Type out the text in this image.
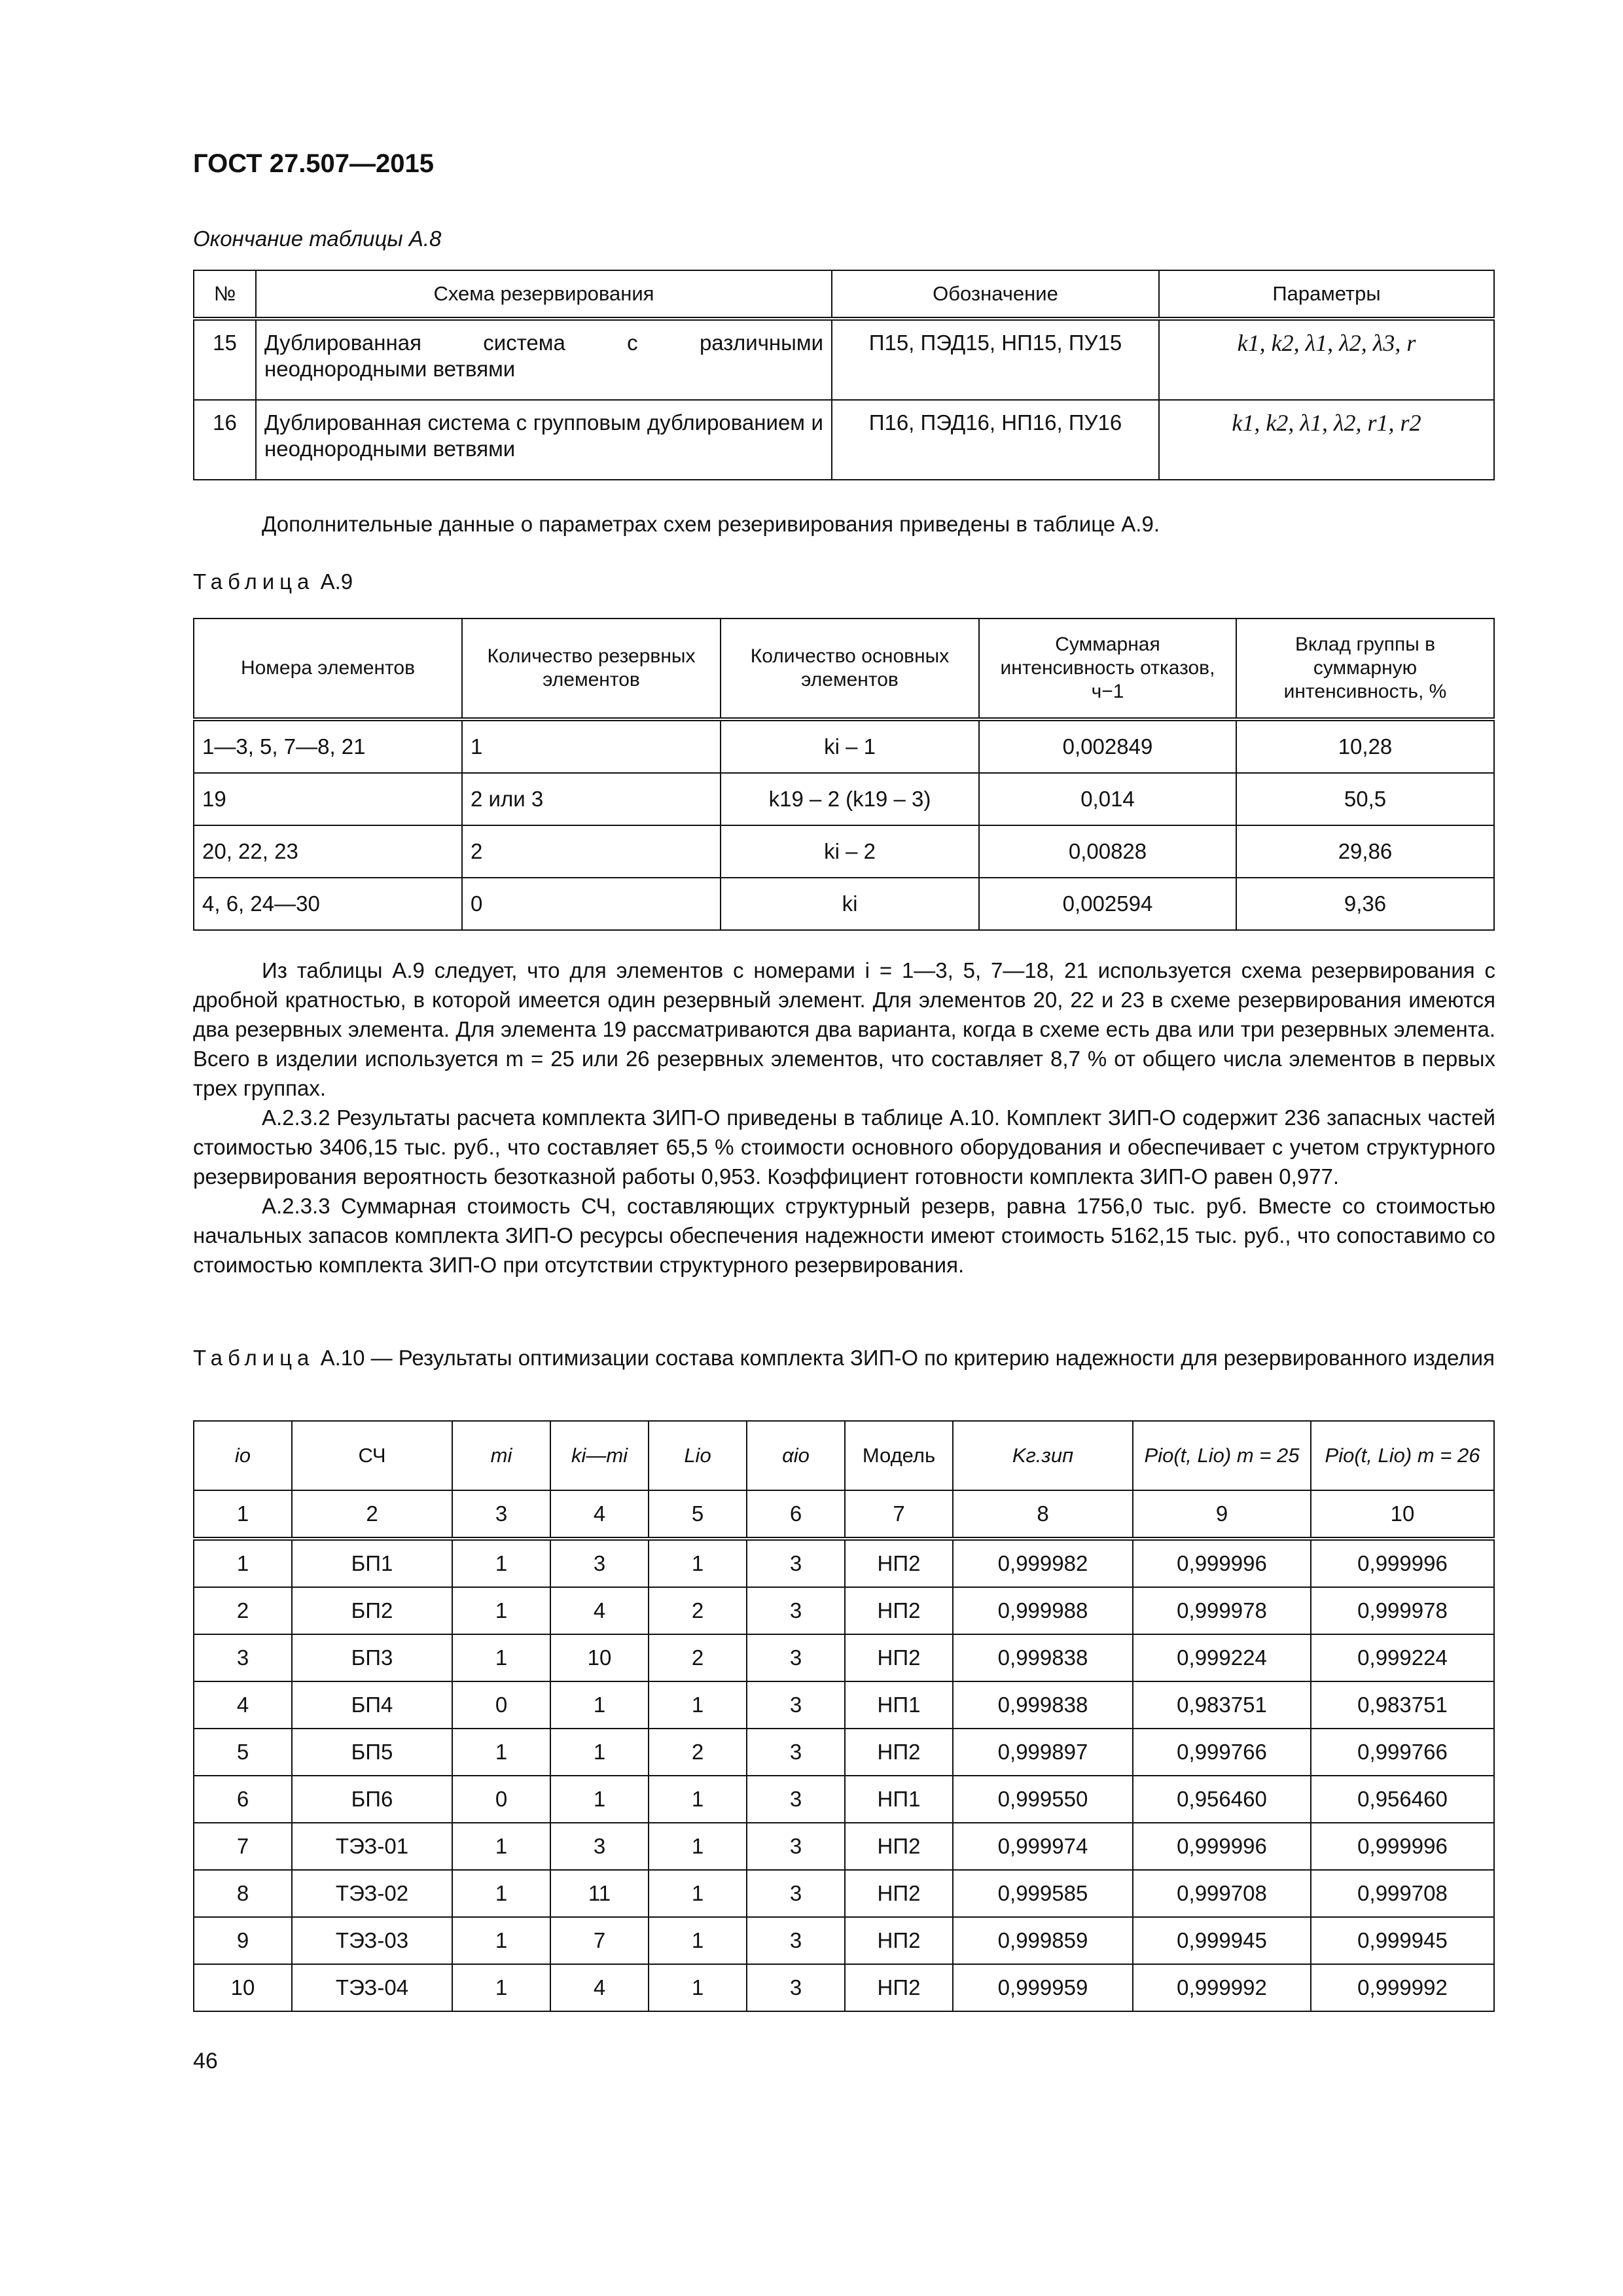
ГОСТ 27.507—2015
Окончание таблицы А.8
№	Схема резервирования	Обозначение	Параметры
15	Дублированная система с различными неоднородными ветвями	П15, ПЭД15, НП15, ПУ15	k1, k2, λ1, λ2, λ3, r
16	Дублированная система с групповым дублированием и неоднородными ветвями	П16, ПЭД16, НП16, ПУ16	k1, k2, λ1, λ2, r1, r2

Дополнительные данные о параметрах схем резеривирования приведены в таблице А.9.

Таблица А.9
Номера элементов	Количество резервных элементов	Количество основных элементов	Суммарная интенсивность отказов, ч−1	Вклад группы в суммарную интенсивность, %
1—3, 5, 7—8, 21	1	ki – 1	0,002849	10,28
19	2 или 3	k19 – 2 (k19 – 3)	0,014	50,5
20, 22, 23	2	ki – 2	0,00828	29,86
4, 6, 24—30	0	ki	0,002594	9,36

Из таблицы А.9 следует, что для элементов с номерами i = 1—3, 5, 7—18, 21 используется схема резервирования с дробной кратностью, в которой имеется один резервный элемент. Для элементов 20, 22 и 23 в схеме резервирования имеются два резервных элемента. Для элемента 19 рассматриваются два варианта, когда в схеме есть два или три резервных элемента. Всего в изделии используется m = 25 или 26 резервных элементов, что составляет 8,7 % от общего числа элементов в первых трех группах.

А.2.3.2 Результаты расчета комплекта ЗИП-О приведены в таблице А.10. Комплект ЗИП-О содержит 236 запасных частей стоимостью 3406,15 тыс. руб., что составляет 65,5 % стоимости основного оборудования и обеспечивает с учетом структурного резервирования вероятность безотказной работы 0,953. Коэффициент готовности комплекта ЗИП-О равен 0,977.

А.2.3.3 Суммарная стоимость СЧ, составляющих структурный резерв, равна 1756,0 тыс. руб. Вместе со стоимостью начальных запасов комплекта ЗИП-О ресурсы обеспечения надежности имеют стоимость 5162,15 тыс. руб., что сопоставимо со стоимостью комплекта ЗИП-О при отсутствии структурного резервирования.

Таблица А.10 — Результаты оптимизации состава комплекта ЗИП-О по критерию надежности для резервированного изделия
io	СЧ	mi	ki—mi	Lio	αio	Модель	Kг.зип	Pio(t, Lio) m = 25	Pio(t, Lio) m = 26
1	2	3	4	5	6	7	8	9	10
1	БП1	1	3	1	3	НП2	0,999982	0,999996	0,999996
2	БП2	1	4	2	3	НП2	0,999988	0,999978	0,999978
3	БП3	1	10	2	3	НП2	0,999838	0,999224	0,999224
4	БП4	0	1	1	3	НП1	0,999838	0,983751	0,983751
5	БП5	1	1	2	3	НП2	0,999897	0,999766	0,999766
6	БП6	0	1	1	3	НП1	0,999550	0,956460	0,956460
7	ТЭЗ-01	1	3	1	3	НП2	0,999974	0,999996	0,999996
8	ТЭЗ-02	1	11	1	3	НП2	0,999585	0,999708	0,999708
9	ТЭЗ-03	1	7	1	3	НП2	0,999859	0,999945	0,999945
10	ТЭЗ-04	1	4	1	3	НП2	0,999959	0,999992	0,999992
46
